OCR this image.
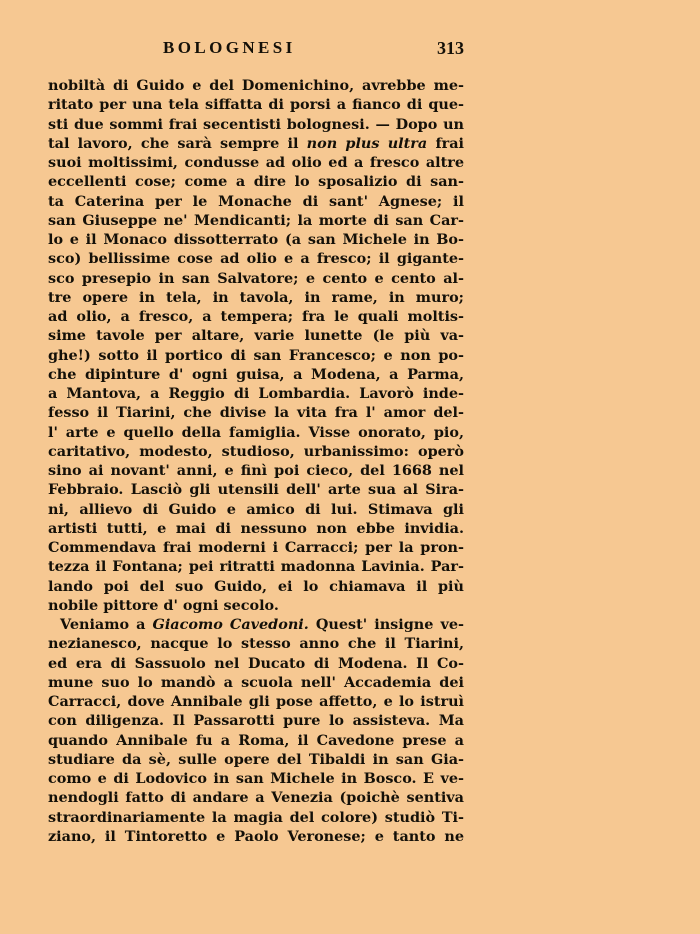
BOLOGNESI	313
nobiltà di Guido e del Domenichino, avrebbe me-
ritato per una tela siffatta di porsi a fianco di que-
sti due sommi frai secentisti bolognesi. — Dopo un
tal lavoro, che sarà sempre il non plus ultra frai
suoi moltissimi, condusse ad olio ed a fresco altre
eccellenti cose; come a dire lo sposalizio di san-
ta Caterina per le Monache di sant' Agnese; il
san Giuseppe ne' Mendicanti; la morte di san Car-
lo e il Monaco dissotterrato (a san Michele in Bo-
sco) bellissime cose ad olio e a fresco; il gigante-
sco presepio in san Salvatore; e cento e cento al-
tre opere in tela, in tavola, in rame, in muro;
ad olio, a fresco, a tempera; fra le quali moltis-
sime tavole per altare, varie lunette (le più va-
ghe!) sotto il portico di san Francesco; e non po-
che dipinture d' ogni guisa, a Modena, a Parma,
a Mantova, a Reggio di Lombardia. Lavorò inde-
fesso il Tiarini, che divise la vita fra l' amor del-
l' arte e quello della famiglia. Visse onorato, pio,
caritativo, modesto, studioso, urbanissimo: operò
sino ai novant' anni, e finì poi cieco, del 1668 nel
Febbraio. Lasciò gli utensili dell' arte sua al Sira-
ni, allievo di Guido e amico di lui. Stimava gli
artisti tutti, e mai di nessuno non ebbe invidia.
Commendava frai moderni i Carracci; per la pron-
tezza il Fontana; pei ritratti madonna Lavinia. Par-
lando poi del suo Guido, ei lo chiamava il più
nobile pittore d' ogni secolo.
Veniamo a Giacomo Cavedoni. Quest' insigne ve-
nezianesco, nacque lo stesso anno che il Tiarini,
ed era di Sassuolo nel Ducato di Modena. Il Co-
mune suo lo mandò a scuola nell' Accademia dei
Carracci, dove Annibale gli pose affetto, e lo istruì
con diligenza. Il Passarotti pure lo assisteva. Ma
quando Annibale fu a Roma, il Cavedone prese a
studiare da sè, sulle opere del Tibaldi in san Gia-
como e di Lodovico in san Michele in Bosco. E ve-
nendogli fatto di andare a Venezia (poichè sentiva
straordinariamente la magia del colore) studiò Ti-
ziano, il Tintoretto e Paolo Veronese; e tanto ne
